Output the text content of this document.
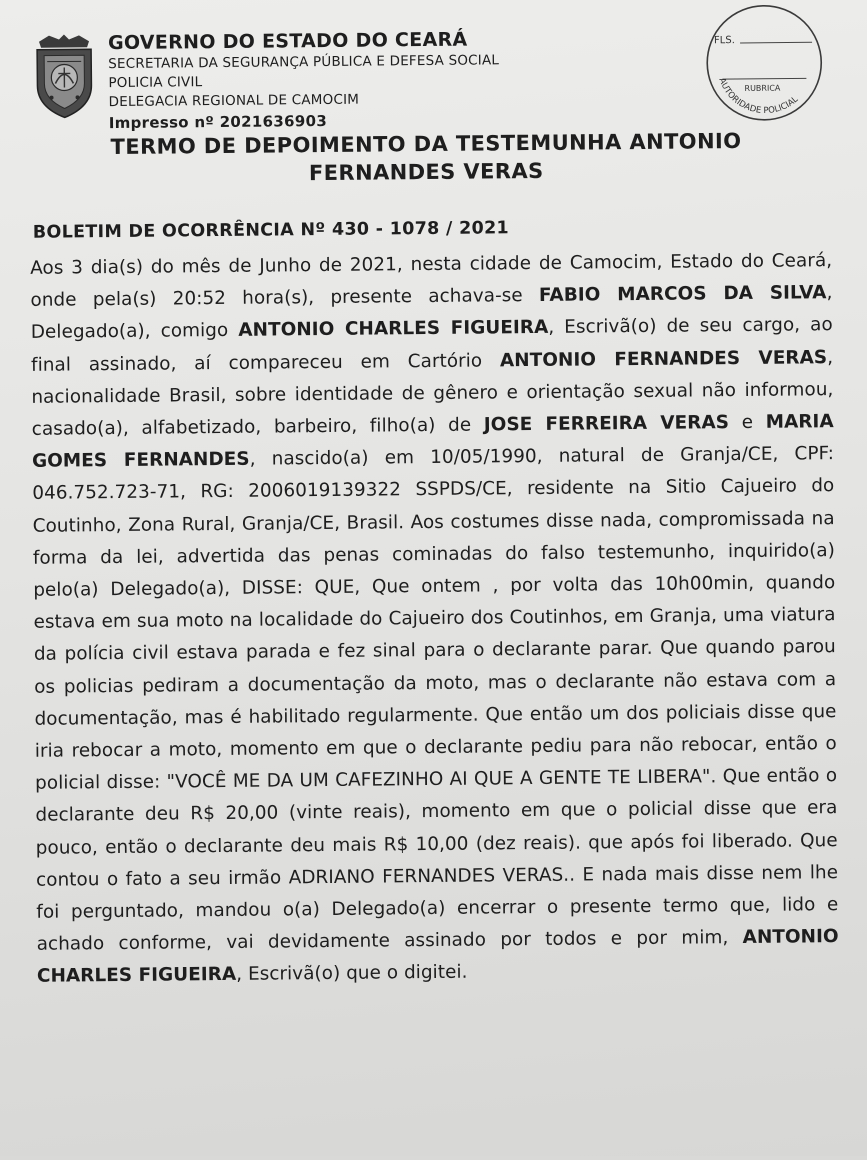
GOVERNO DO ESTADO DO CEARÁ
SECRETARIA DA SEGURANÇA PÚBLICA E DEFESA SOCIAL
POLICIA CIVIL
DELEGACIA REGIONAL DE CAMOCIM
Impresso nº 2021636903
FLS.
RUBRICA
AUTORIDADE POLICIAL
TERMO DE DEPOIMENTO DA TESTEMUNHA ANTONIO
FERNANDES VERAS
BOLETIM DE OCORRÊNCIA Nº 430 - 1078 / 2021
Aos 3 dia(s) do mês de Junho de 2021, nesta cidade de Camocim, Estado do Ceará, onde pela(s) 20:52 hora(s), presente achava-se FABIO MARCOS DA SILVA, Delegado(a), comigo ANTONIO CHARLES FIGUEIRA, Escrivã(o) de seu cargo, ao final assinado, aí compareceu em Cartório ANTONIO FERNANDES VERAS, nacionalidade Brasil, sobre identidade de gênero e orientação sexual não informou, casado(a), alfabetizado, barbeiro, filho(a) de JOSE FERREIRA VERAS e MARIA GOMES FERNANDES, nascido(a) em 10/05/1990, natural de Granja/CE, CPF: 046.752.723-71, RG: 2006019139322 SSPDS/CE, residente na Sitio Cajueiro do Coutinho, Zona Rural, Granja/CE, Brasil. Aos costumes disse nada, compromissada na forma da lei, advertida das penas cominadas do falso testemunho, inquirido(a) pelo(a) Delegado(a), DISSE: QUE, Que ontem , por volta das 10h00min, quando estava em sua moto na localidade do Cajueiro dos Coutinhos, em Granja, uma viatura da polícia civil estava parada e fez sinal para o declarante parar. Que quando parou os policias pediram a documentação da moto, mas o declarante não estava com a documentação, mas é habilitado regularmente. Que então um dos policiais disse que iria rebocar a moto, momento em que o declarante pediu para não rebocar, então o policial disse: "VOCÊ ME DA UM CAFEZINHO AI QUE A GENTE TE LIBERA". Que então o declarante deu R$ 20,00 (vinte reais), momento em que o policial disse que era pouco, então o declarante deu mais R$ 10,00 (dez reais). que após foi liberado. Que contou o fato a seu irmão ADRIANO FERNANDES VERAS.. E nada mais disse nem lhe foi perguntado, mandou o(a) Delegado(a) encerrar o presente termo que, lido e achado conforme, vai devidamente assinado por todos e por mim, ANTONIO CHARLES FIGUEIRA, Escrivã(o) que o digitei.
